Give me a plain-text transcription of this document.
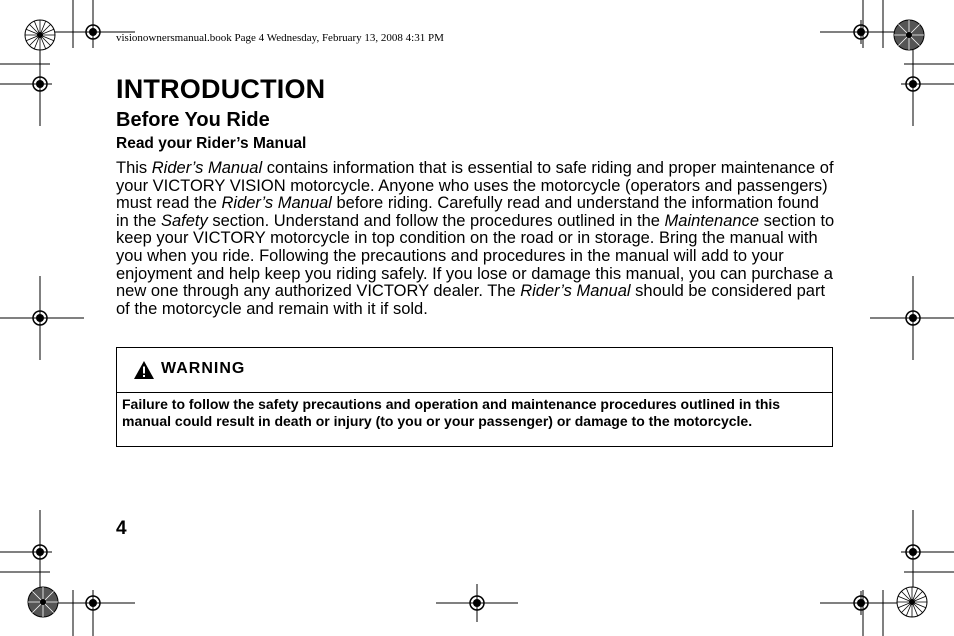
visionownersmanual.book Page 4 Wednesday, February 13, 2008 4:31 PM
INTRODUCTION
Before You Ride
Read your Rider’s Manual

This Rider’s Manual contains information that is essential to safe riding and proper maintenance of your VICTORY VISION motorcycle. Anyone who uses the motorcycle (operators and passengers) must read the Rider’s Manual before riding. Carefully read and understand the information found in the Safety section. Understand and follow the procedures outlined in the Maintenance section to keep your VICTORY motorcycle in top condition on the road or in storage. Bring the manual with you when you ride. Following the precautions and procedures in the manual will add to your enjoyment and help keep you riding safely. If you lose or damage this manual, you can purchase a new one through any authorized VICTORY dealer. The Rider’s Manual should be considered part of the motorcycle and remain with it if sold.

WARNING
Failure to follow the safety precautions and operation and maintenance procedures outlined in this manual could result in death or injury (to you or your passenger) or damage to the motorcycle.
4
